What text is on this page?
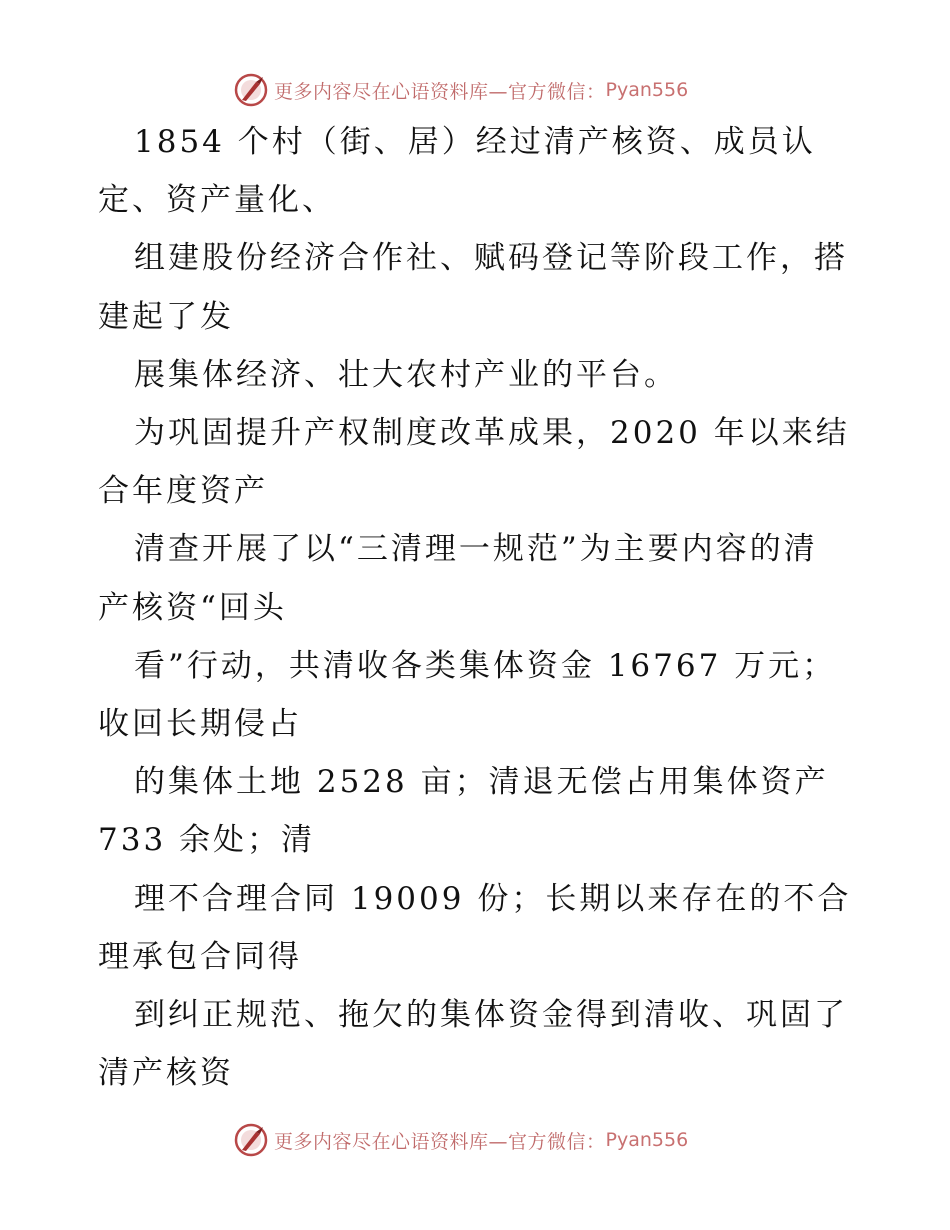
更多内容尽在心语资料库—官方微信： Pyan556
1854 个村（街、居）经过清产核资、成员认
定、资产量化、
组建股份经济合作社、赋码登记等阶段工作，搭
建起了发
展集体经济、壮大农村产业的平台。
为巩固提升产权制度改革成果，2020 年以来结
合年度资产
清查开展了以“三清理一规范”为主要内容的清
产核资“回头
看”行动，共清收各类集体资金 16767 万元；
收回长期侵占
的集体土地 2528 亩；清退无偿占用集体资产
733 余处；清
理不合理合同 19009 份；长期以来存在的不合
理承包合同得
到纠正规范、拖欠的集体资金得到清收、巩固了
清产核资
更多内容尽在心语资料库—官方微信： Pyan556
